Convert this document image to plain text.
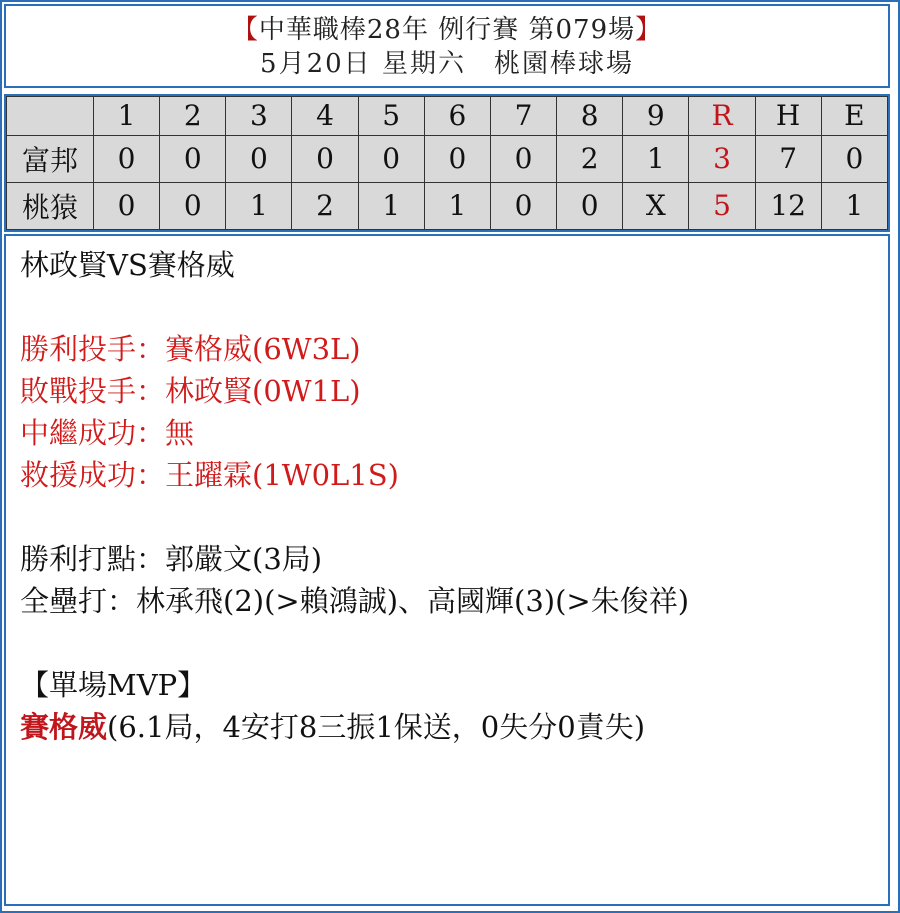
【中華職棒28年 例行賽 第079場】
5月20日 星期六　桃園棒球場
	1	2	3	4	5	6	7	8	9	R	H	E
富邦	0	0	0	0	0	0	0	2	1	3	7	0
桃猿	0	0	1	2	1	1	0	0	X	5	12	1
林政賢VS賽格威
勝利投手：賽格威(6W3L)
敗戰投手：林政賢(0W1L)
中繼成功：無
救援成功：王躍霖(1W0L1S)
勝利打點：郭嚴文(3局)
全壘打：林承飛(2)(>賴鴻誠)、高國輝(3)(>朱俊祥)
【單場MVP】
賽格威(6.1局，4安打8三振1保送，0失分0責失)
